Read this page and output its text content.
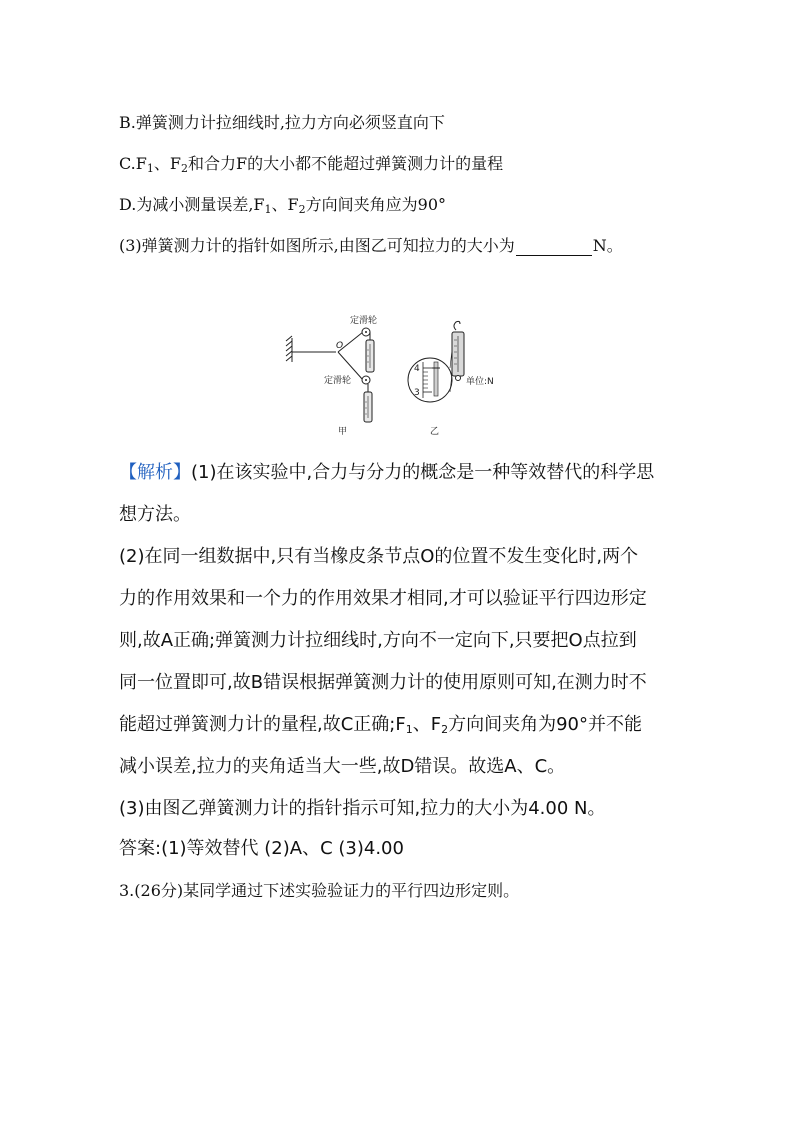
B.弹簧测力计拉细线时,拉力方向必须竖直向下
$C.F_1$、$F_2$和合力F的大小都不能超过弹簧测力计的量程
D.为减小测量误差$,F_1$、$F_2$方向间夹角应为90°
(3)弹簧测力计的指针如图所示,由图乙可知拉力的大小为	N。
O
定滑轮
定滑轮
甲
4
3
单位:N
乙
【解析】(1)在该实验中,合力与分力的概念是一种等效替代的科学思
想方法。
(2)在同一组数据中,只有当橡皮条节点O的位置不发生变化时,两个
力的作用效果和一个力的作用效果才相同,才可以验证平行四边形定
则,故A正确;弹簧测力计拉细线时,方向不一定向下,只要把O点拉到
同一位置即可,故B错误根据弹簧测力计的使用原则可知,在测力时不
能超过弹簧测力计的量程,故C正确$;F_1$、$F_2$方向间夹角为90°并不能
减小误差,拉力的夹角适当大一些,故D错误。故选A、C。
(3)由图乙弹簧测力计的指针指示可知,拉力的大小为4.00 N。
答案:(1)等效替代 (2)A、C (3)4.00
3.(26分)某同学通过下述实验验证力的平行四边形定则。
